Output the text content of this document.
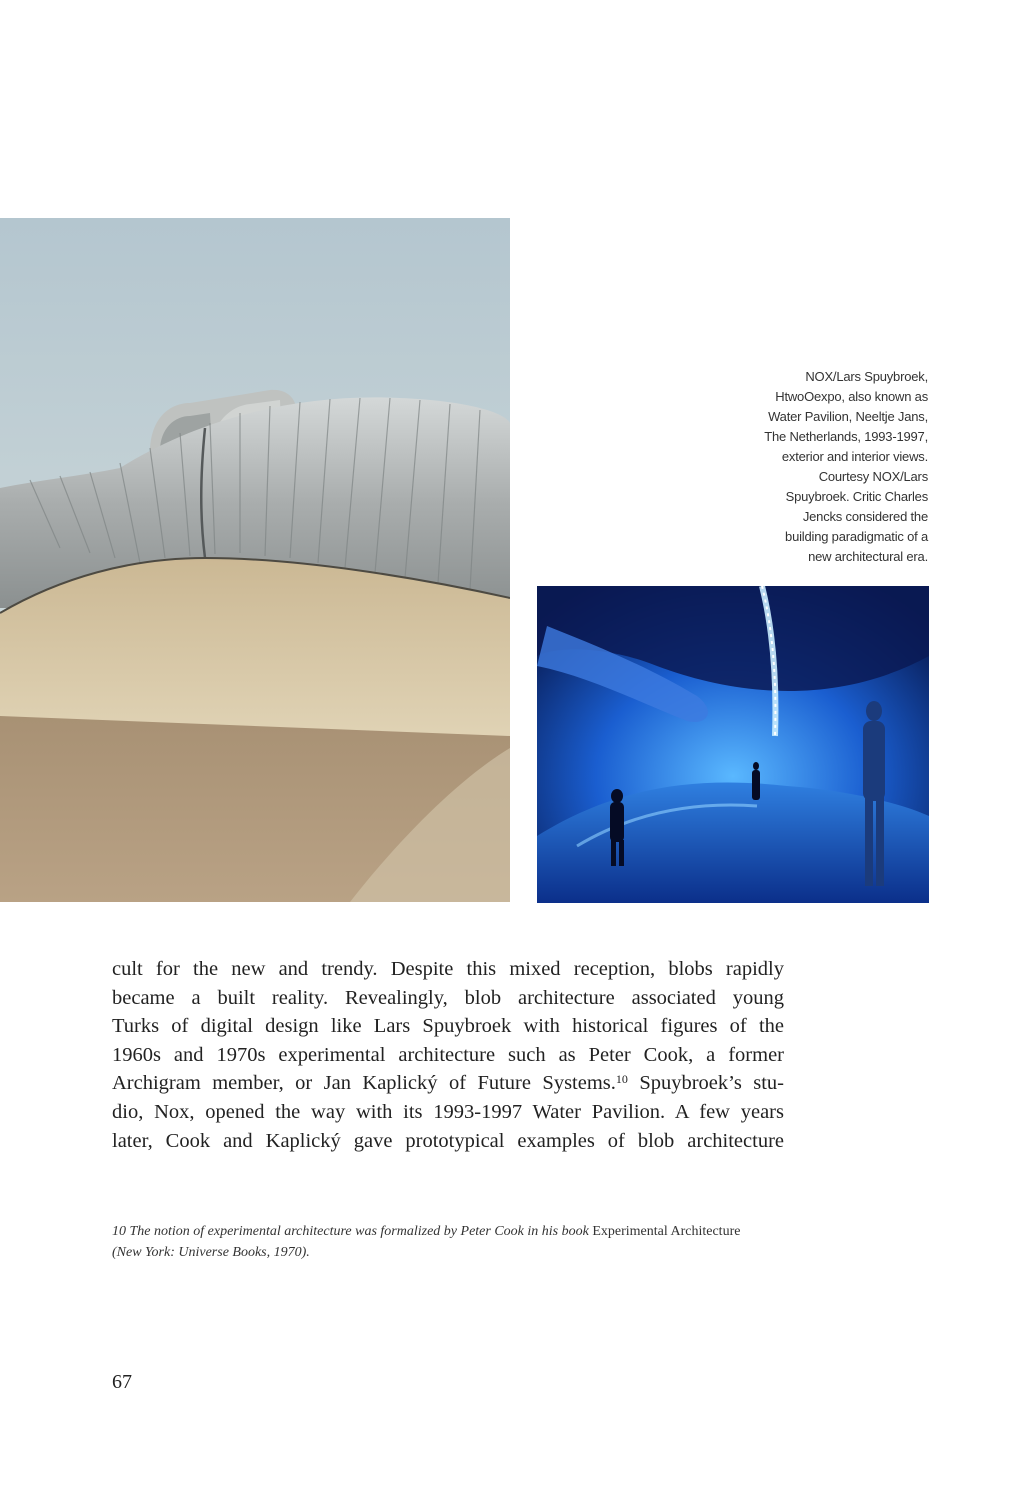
NOX/Lars Spuybroek,
HtwoOexpo, also known as
Water Pavilion, Neeltje Jans,
The Netherlands, 1993-1997,
exterior and interior views.
Courtesy NOX/Lars
Spuybroek. Critic Charles
Jencks considered the
building paradigmatic of a
new architectural era.
cult for the new and trendy. Despite this mixed reception, blobs rapidly
became a built reality. Revealingly, blob architecture associated young
Turks of digital design like Lars Spuybroek with historical figures of the
1960s and 1970s experimental architecture such as Peter Cook, a former
Archigram member, or Jan Kaplický of Future Systems.$^{10}$ Spuybroek’s stu-
dio, Nox, opened the way with its 1993-1997 Water Pavilion. A few years
later, Cook and Kaplický gave prototypical examples of blob architecture

10 The notion of experimental architecture was formalized by Peter Cook in his book Experimental Architecture
(New York: Universe Books, 1970).

67
